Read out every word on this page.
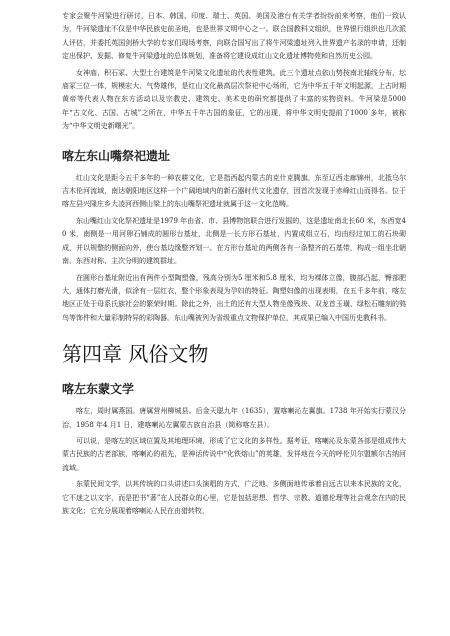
专家会聚牛河梁进行研讨，日本、韩国、印度、瑞士、英国、美国及港台有关学者纷纷前来考察，他们一致认为，牛河梁遗址不仅是中华民族史前圣地，也是世界文明中心之一。联合国教科文组织，世界银行组织也几次派人评估，并委托英国剑桥大学的专家们现场考察，向联合国写出了将牛河梁遗址列入世界遗产名录的申请，还制定出保护、发掘、修复牛河梁遗址的总体规划，准备将它建设成红山文化遗址博物苑和自然历史公园。

女神庙、积石冢、大型土台建筑是牛河梁文化遗址的代表性建筑。此三个遗址点依山势按南北轴线分布，坛庙冢三位一体，规模宏大、气势雄伟，是红山文化最高层次祭祀中心场所，它为中华五千年文明起源，上古时期黄帝等代表人物在东方活动以及宗教史、建筑史、美术史的研究都提供了丰富的实物资料。牛河梁是5000 年“古文化、古国、古城”之所在，中华五千年古国的象征，它的出现，将中华文明史提前了1000 多年，被称为“中华文明史新曙光”。

喀左东山嘴祭祀遗址

红山文化是距今五千多年的一种农耕文化，它是指西起内蒙古的克什克腾旗，东至辽西走廊锦州，北抵乌尔吉木伦河流域，南达朝阳地区这样一个广阔地域内的新石器时代文化遗存，因首次发现于赤峰红山而得名。位于喀左县兴隆庄乡大凌河西侧山梁上的东山嘴祭祀遗址就属于这一文化范畴。

东山嘴红山文化祭祀遗址是1979 年由省、市、县博物馆联合进行发掘的，这是遗址南北长60 米，东西宽40 米，南侧是一用河卵石铺成的圆形台基址，北侧是一长方形石基址，内置成组立石，均由经过加工的石块砌成，并以规整的侧面向外，使台基边缘整齐划一。在方形台基址的两侧各有一条整齐的石基带，构成一组坐北朝南、东西对称、主次分明的建筑群址。

在圆形台基址附近出有两件小型陶塑像，残高分别为5 厘米和5.8 厘米，均为裸体立像，腹部凸起，臀部肥大，通体打磨光滑，似涂有一层红衣，整个形象表现为孕妇的特征。陶塑妇像的出现表明，在五千多年前，喀左地区正处于母系氏族社会的繁荣时期。除此之外，出土的还有大型人物坐像残块、双龙首玉璜、绿松石雕刻的鸮鸟等饰件和大量彩制特异的彩陶器。东山嘴被列为省级重点文物保护单位，其成果已编入中国历史教科书。

第四章 风俗文物
喀左东蒙文学

喀左，周时属燕国。唐属营州柳城县。后金天聪九年（1635），置喀喇沁左翼旗。1738 年开始实行蒙汉分治，1958 年4 月1 日，建喀喇沁左翼蒙古族自治县（简称喀左县）。

可以说，是喀左的区域位置及其地理环境，形成了它文化的多样性。据考证，喀喇沁及东蒙各部是组成伟大蒙古民族的古老部族，喀喇沁的祖先，是神话传说中“化铁熔山”的英雄，发祥地在今天的呼伦贝尔盟额尔古纳河流域。

东蒙民间文学，以其传统的口头讲述口头演唱的方式，广泛地、多侧面地传承着自远古以来本民族的文化，它不迷之以文字，而是把书“著”在人民群众的心里，它是包括思想、哲学、宗教、道德伦理等社会观念在内的民族文化；它充分展现着喀喇沁人民在由猎转牧，
